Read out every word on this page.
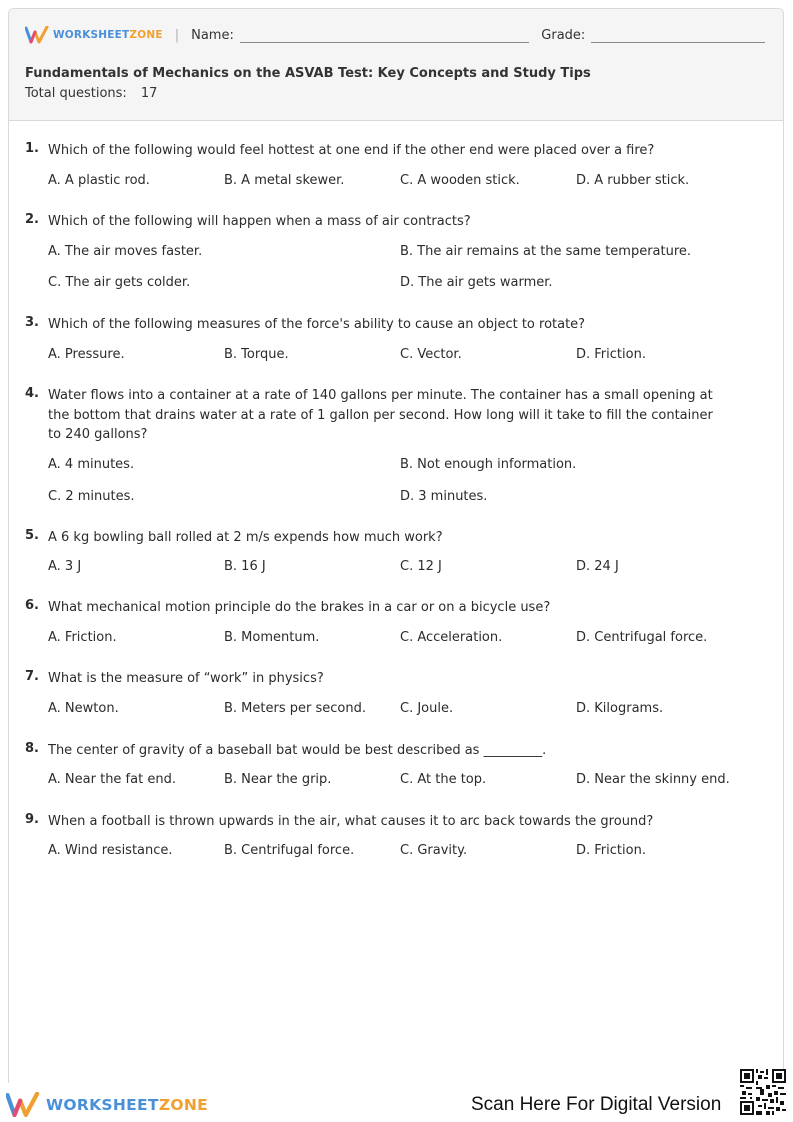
WORKSHEETZONE | Name:	Grade:
Fundamentals of Mechanics on the ASVAB Test: Key Concepts and Study Tips
Total questions: 17
1. Which of the following would feel hottest at one end if the other end were placed over a fire?
A. A plastic rod.	B. A metal skewer.	C. A wooden stick.	D. A rubber stick.
2. Which of the following will happen when a mass of air contracts?
A. The air moves faster.	B. The air remains at the same temperature.
C. The air gets colder.	D. The air gets warmer.
3. Which of the following measures of the force's ability to cause an object to rotate?
A. Pressure.	B. Torque.	C. Vector.	D. Friction.
4. Water flows into a container at a rate of 140 gallons per minute. The container has a small opening at the bottom that drains water at a rate of 1 gallon per second. How long will it take to fill the container to 240 gallons?
A. 4 minutes.	B. Not enough information.
C. 2 minutes.	D. 3 minutes.
5. A 6 kg bowling ball rolled at 2 m/s expends how much work?
A. 3 J	B. 16 J	C. 12 J	D. 24 J
6. What mechanical motion principle do the brakes in a car or on a bicycle use?
A. Friction.	B. Momentum.	C. Acceleration.	D. Centrifugal force.
7. What is the measure of “work” in physics?
A. Newton.	B. Meters per second.	C. Joule.	D. Kilograms.
8. The center of gravity of a baseball bat would be best described as _________.
A. Near the fat end.	B. Near the grip.	C. At the top.	D. Near the skinny end.
9. When a football is thrown upwards in the air, what causes it to arc back towards the ground?
A. Wind resistance.	B. Centrifugal force.	C. Gravity.	D. Friction.
WORKSHEETZONE	Scan Here For Digital Version
